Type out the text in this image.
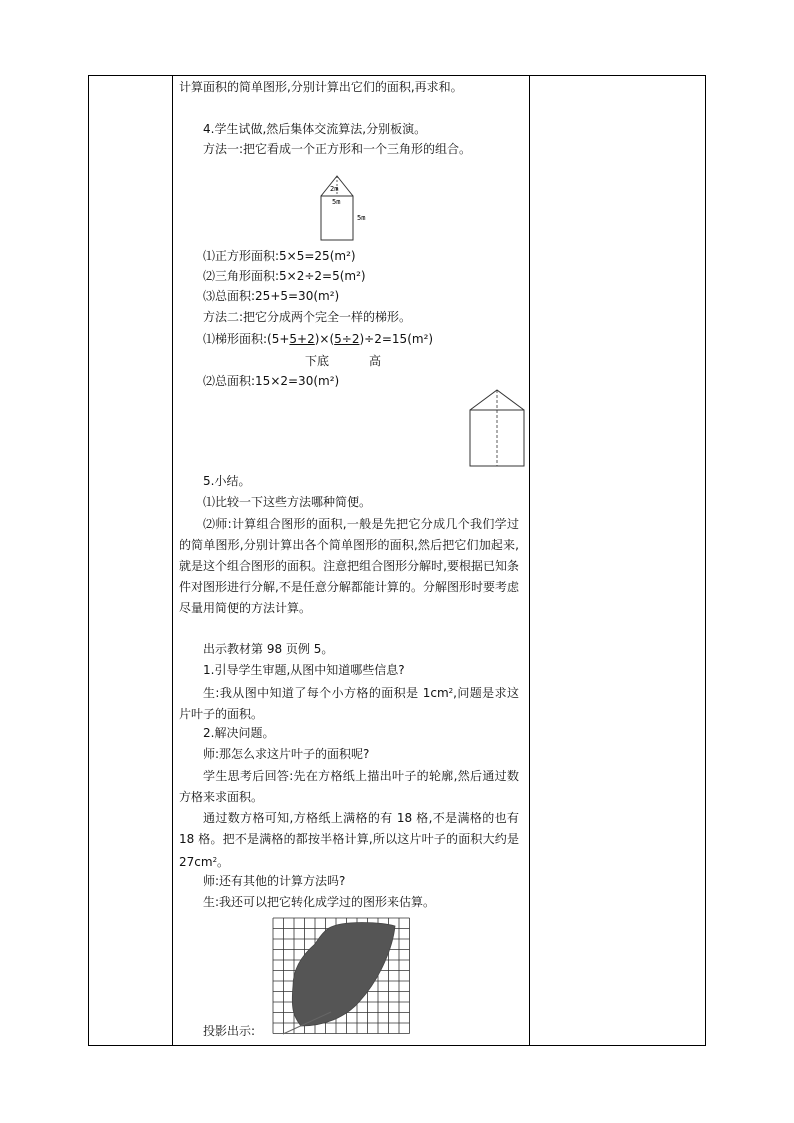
计算面积的简单图形,分别计算出它们的面积,再求和。

4.学生试做,然后集体交流算法,分别板演。

方法一:把它看成一个正方形和一个三角形的组合。

2m
5m
5m

⑴正方形面积:5×5=25(m²)

⑵三角形面积:5×2÷2=5(m²)

⑶总面积:25+5=30(m²)

方法二:把它分成两个完全一样的梯形。

⑴梯形面积:(5+5+2)×(5÷2)÷2=15(m²)

下底	高

⑵总面积:15×2=30(m²)

5.小结。

⑴比较一下这些方法哪种简便。

⑵师:计算组合图形的面积,一般是先把它分成几个我们学过的简单图形,分别计算出各个简单图形的面积,然后把它们加起来,就是这个组合图形的面积。注意把组合图形分解时,要根据已知条件对图形进行分解,不是任意分解都能计算的。分解图形时要考虑尽量用简便的方法计算。

出示教材第 98 页例 5。

1.引导学生审题,从图中知道哪些信息?

生:我从图中知道了每个小方格的面积是 $1cm^2$,问题是求这片叶子的面积。

2.解决问题。

师:那怎么求这片叶子的面积呢?

学生思考后回答:先在方格纸上描出叶子的轮廓,然后通过数方格来求面积。

通过数方格可知,方格纸上满格的有 18 格,不是满格的也有 18 格。把不是满格的都按半格计算,所以这片叶子的面积大约是 $27cm^2$。

师:还有其他的计算方法吗?

生:我还可以把它转化成学过的图形来估算。

投影出示:
